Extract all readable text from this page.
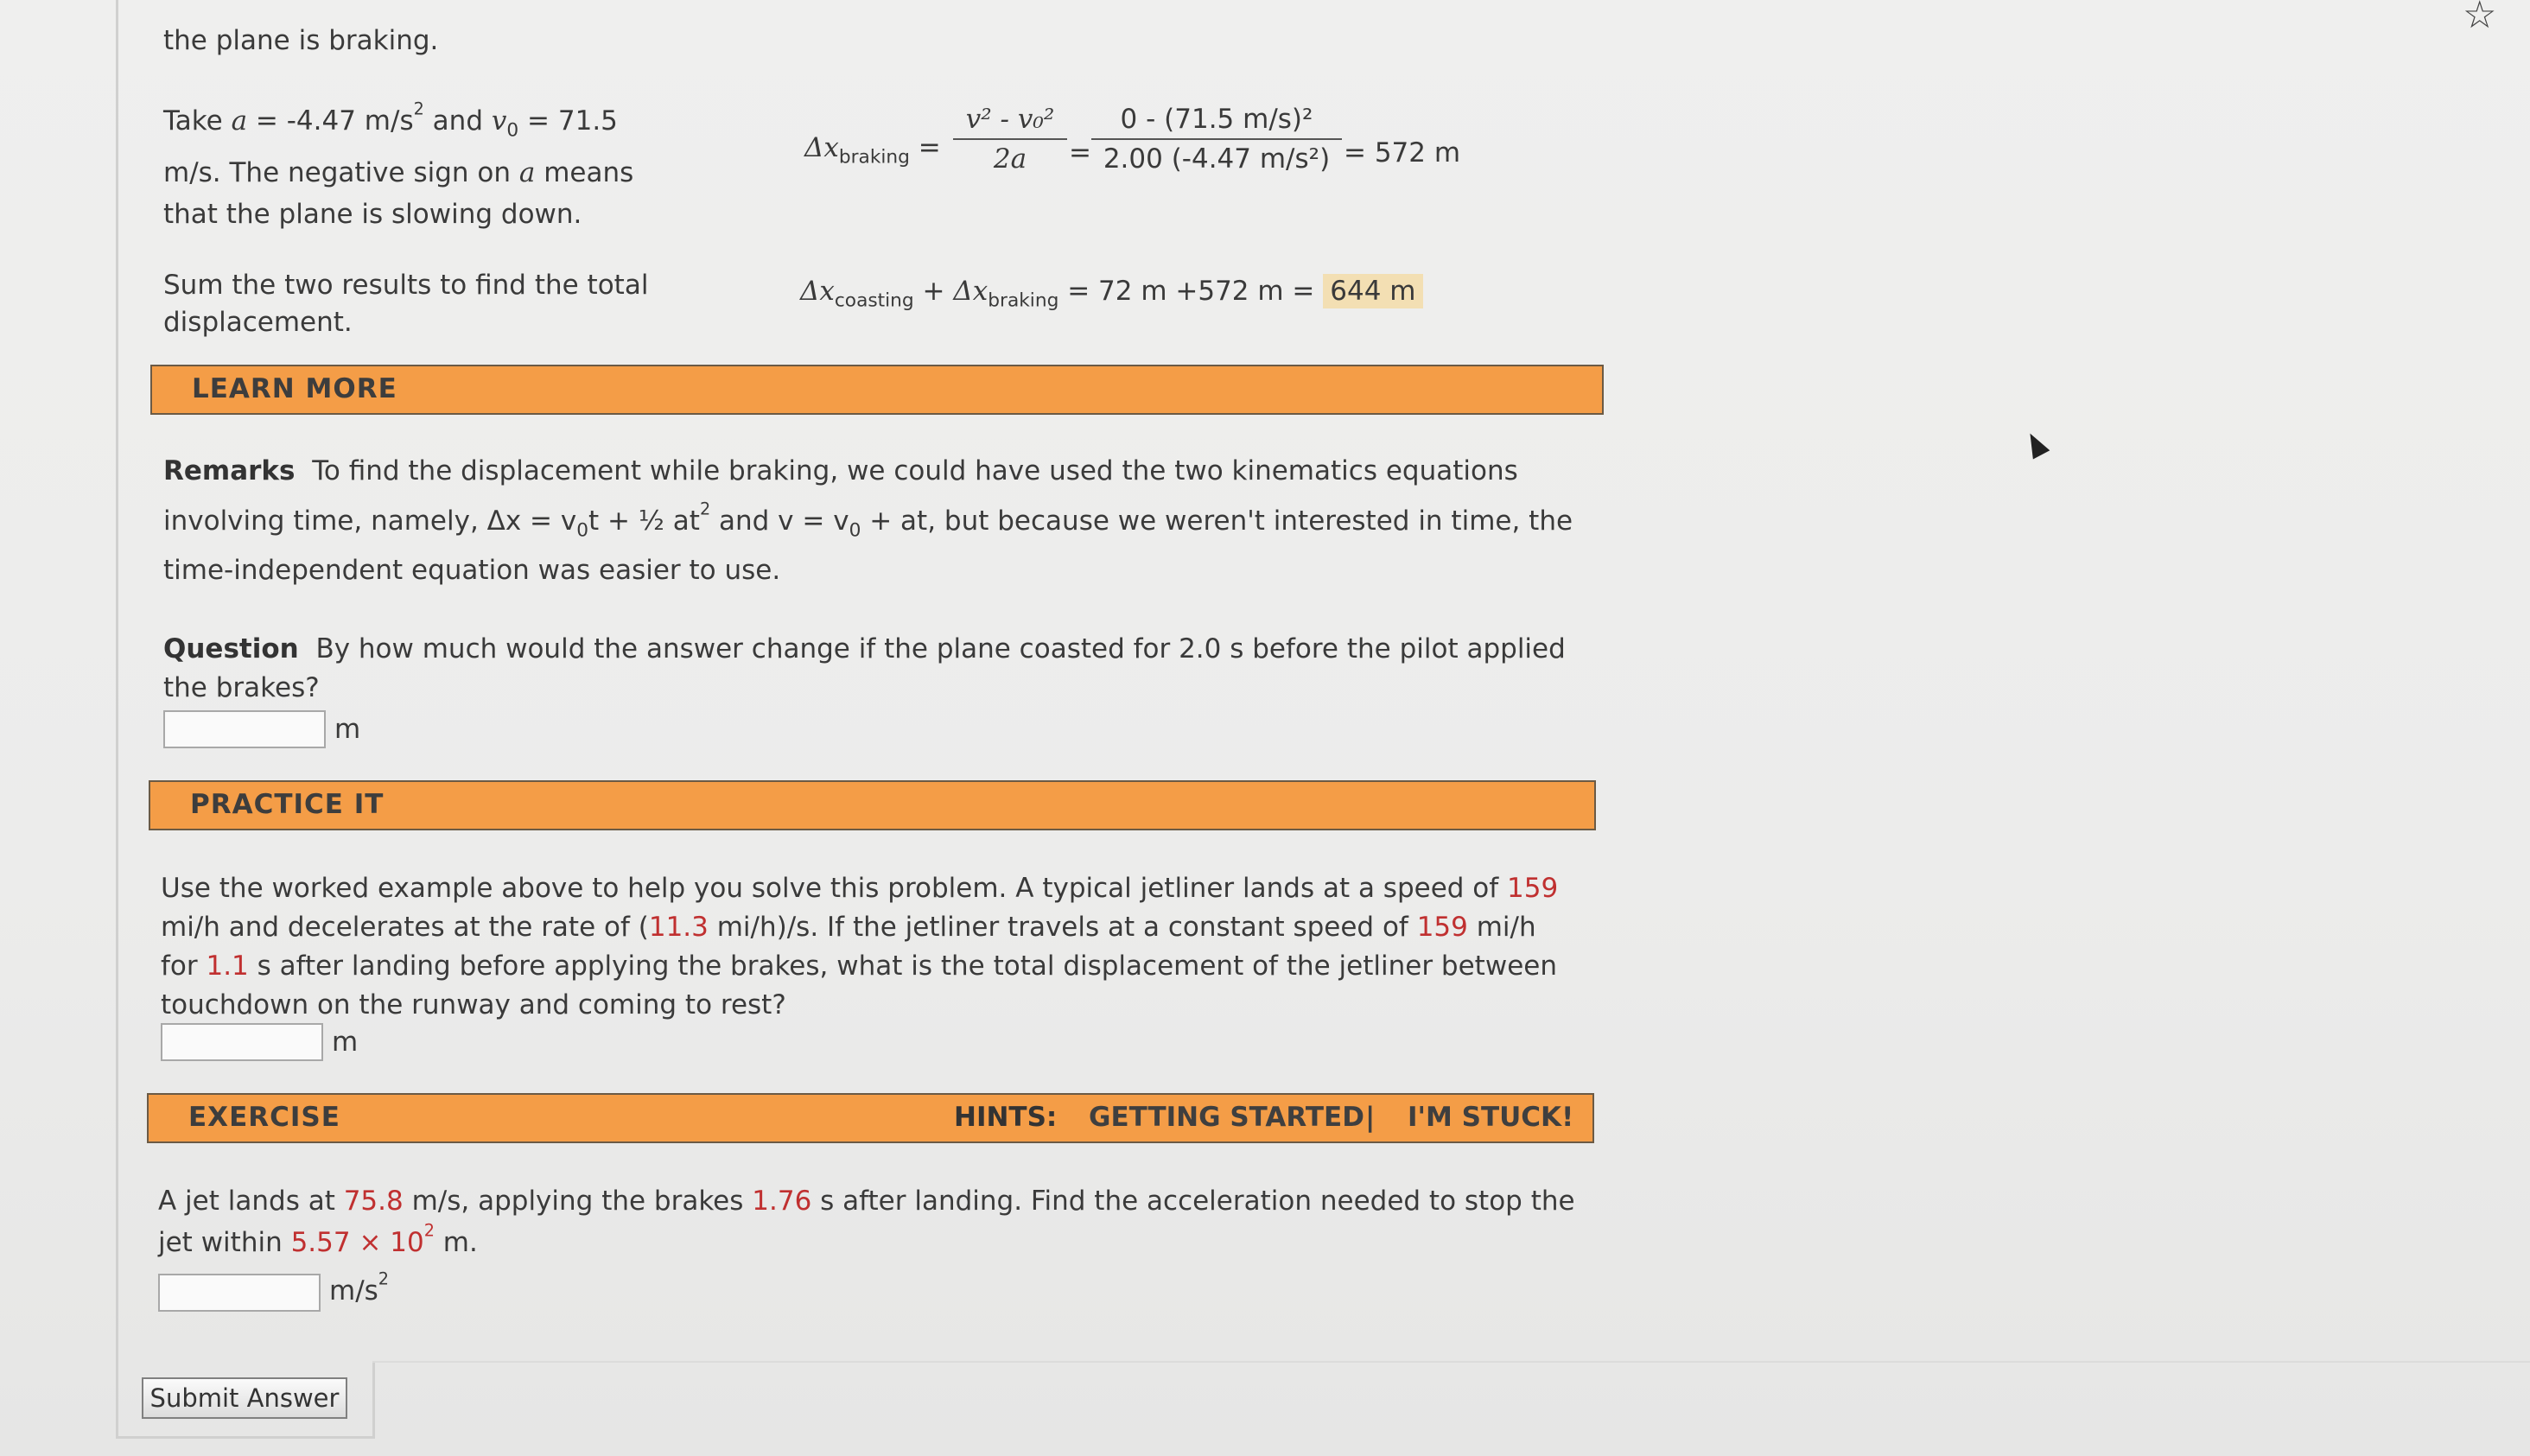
☆
the plane is braking.
Take a = -4.47 $m/s^2$ and $v_0 = 71.5$
m/s. The negative sign on a means
that the plane is slowing down.
$\Delta x_{braking} = \frac{\text{v² - v₀²}}{2a} = \frac{\text{0 - (71.5 m/s)²}}{\text{2.00 (-4.47 m/s²)}} = 572$ m
Sum the two results to find the total
displacement.
$\Delta x_{coasting} + \Delta x_{braking} = 72$ m +572 m = 644 m
LEARN MORE
Remarks To find the displacement while braking, we could have used the two kinematics equations
involving time, namely, $\Delta x = v_0t$ + ½ $at^2$ and $v = v_0$ + at, but because we weren't interested in time, the
time-independent equation was easier to use.
Question By how much would the answer change if the plane coasted for 2.0 s before the pilot applied
the brakes?
m
PRACTICE IT
Use the worked example above to help you solve this problem. A typical jetliner lands at a speed of 159
mi/h and decelerates at the rate of (11.3 mi/h)/s. If the jetliner travels at a constant speed of 159 mi/h
for 1.1 s after landing before applying the brakes, what is the total displacement of the jetliner between
touchdown on the runway and coming to rest?
m
EXERCISE	HINTS: GETTING STARTED | I'M STUCK!
A jet lands at 75.8 m/s, applying the brakes 1.76 s after landing. Find the acceleration needed to stop the
jet within $5.57 \times 10^2$ m.
$m/s^2$
Submit Answer
